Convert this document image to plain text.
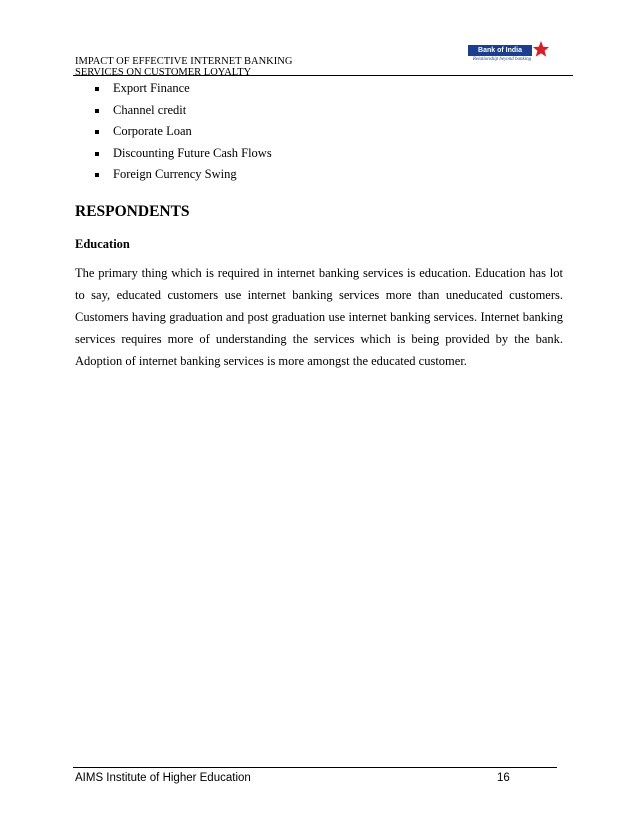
IMPACT OF EFFECTIVE INTERNET BANKING
SERVICES ON CUSTOMER LOYALTY
Bank of India
Relationship beyond banking
Export Finance
Channel credit
Corporate Loan
Discounting Future Cash Flows
Foreign Currency Swing
RESPONDENTS
Education
The primary thing which is required in internet banking services is education. Education has lot to say, educated customers use internet banking services more than uneducated customers. Customers having graduation and post graduation use internet banking services. Internet banking services requires more of understanding the services which is being provided by the bank. Adoption of internet banking services is more amongst the educated customer.
AIMS Institute of Higher Education	16
